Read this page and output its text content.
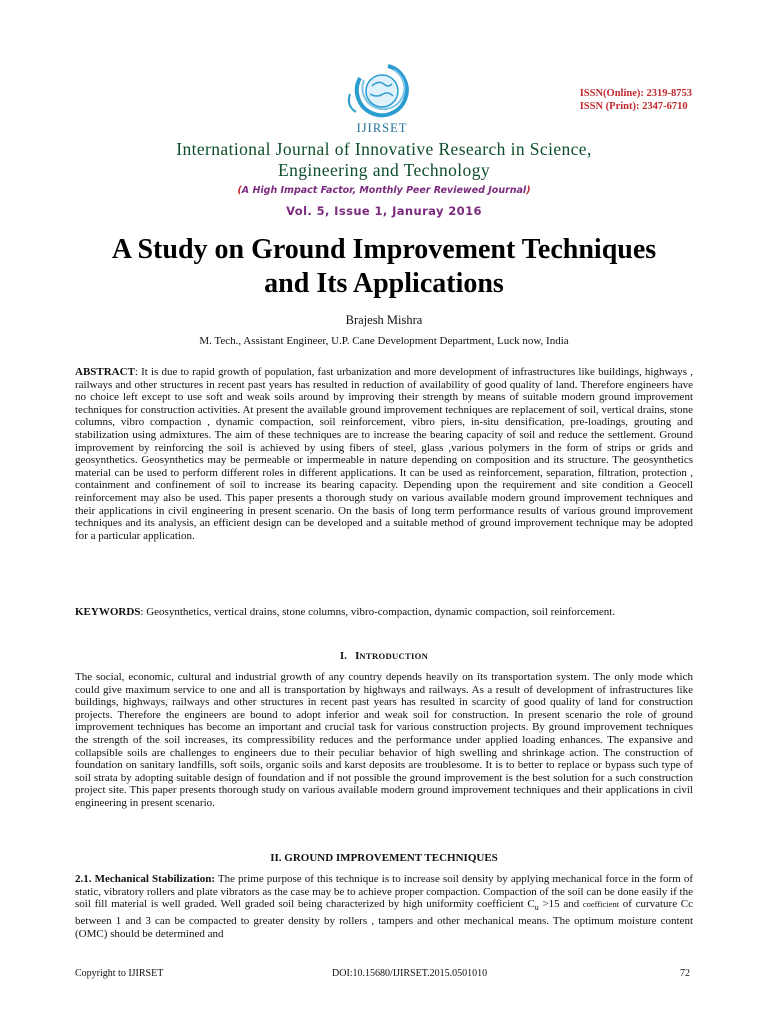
IJIRSET
ISSN(Online): 2319-8753
ISSN (Print): 2347-6710
International Journal of Innovative Research in Science,
Engineering and Technology
(A High Impact Factor, Monthly Peer Reviewed Journal)
Vol. 5, Issue 1, Januray 2016
A Study on Ground Improvement Techniques
and Its Applications
Brajesh Mishra
M. Tech., Assistant Engineer, U.P. Cane Development Department, Luck now, India
ABSTRACT: It is due to rapid growth of population, fast urbanization and more development of infrastructures like buildings, highways , railways and other structures in recent past years has resulted in reduction of availability of good quality of land. Therefore engineers have no choice left except to use soft and weak soils around by improving their strength by means of suitable modern ground improvement techniques for construction activities. At present the available ground improvement techniques are replacement of soil, vertical drains, stone columns, vibro compaction , dynamic compaction, soil reinforcement, vibro piers, in-situ densification, pre-loadings, grouting and stabilization using admixtures. The aim of these techniques are to increase the bearing capacity of soil and reduce the settlement. Ground improvement by reinforcing the soil is achieved by using fibers of steel, glass ,various polymers in the form of strips or grids and geosynthetics. Geosynthetics may be permeable or impermeable in nature depending on composition and its structure. The geosynthetics material can be used to perform different roles in different applications. It can be used as reinforcement, separation, filtration, protection , containment and confinement of soil to increase its bearing capacity. Depending upon the requirement and site condition a Geocell reinforcement may also be used. This paper presents a thorough study on various available modern ground improvement techniques and their applications in civil engineering in present scenario. On the basis of long term performance results of various ground improvement techniques and its analysis, an efficient design can be developed and a suitable method of ground improvement technique may be adopted for a particular application.
KEYWORDS: Geosynthetics, vertical drains, stone columns, vibro-compaction, dynamic compaction, soil reinforcement.
I. INTRODUCTION
The social, economic, cultural and industrial growth of any country depends heavily on its transportation system. The only mode which could give maximum service to one and all is transportation by highways and railways. As a result of development of infrastructures like buildings, highways, railways and other structures in recent past years has resulted in scarcity of good quality of land for construction projects. Therefore the engineers are bound to adopt inferior and weak soil for construction. In present scenario the role of ground improvement techniques has become an important and crucial task for various construction projects. By ground improvement techniques the strength of the soil increases, its compressibility reduces and the performance under applied loading enhances. The expansive and collapsible soils are challenges to engineers due to their peculiar behavior of high swelling and shrinkage action. The construction of foundation on sanitary landfills, soft soils, organic soils and karst deposits are troublesome. It is to better to replace or bypass such type of soil strata by adopting suitable design of foundation and if not possible the ground improvement is the best solution for a such construction project site. This paper presents thorough study on various available modern ground improvement techniques and their applications in civil engineering in present scenario.
II. GROUND IMPROVEMENT TECHNIQUES
2.1. Mechanical Stabilization: The prime purpose of this technique is to increase soil density by applying mechanical force in the form of static, vibratory rollers and plate vibrators as the case may be to achieve proper compaction. Compaction of the soil can be done easily if the soil fill material is well graded. Well graded soil being characterized by high uniformity coefficient $C_u >15$ and coefficient of curvature Cc between 1 and 3 can be compacted to greater density by rollers , tampers and other mechanical means. The optimum moisture content (OMC) should be determined and
Copyright to IJIRSET	DOI:10.15680/IJIRSET.2015.0501010	72
